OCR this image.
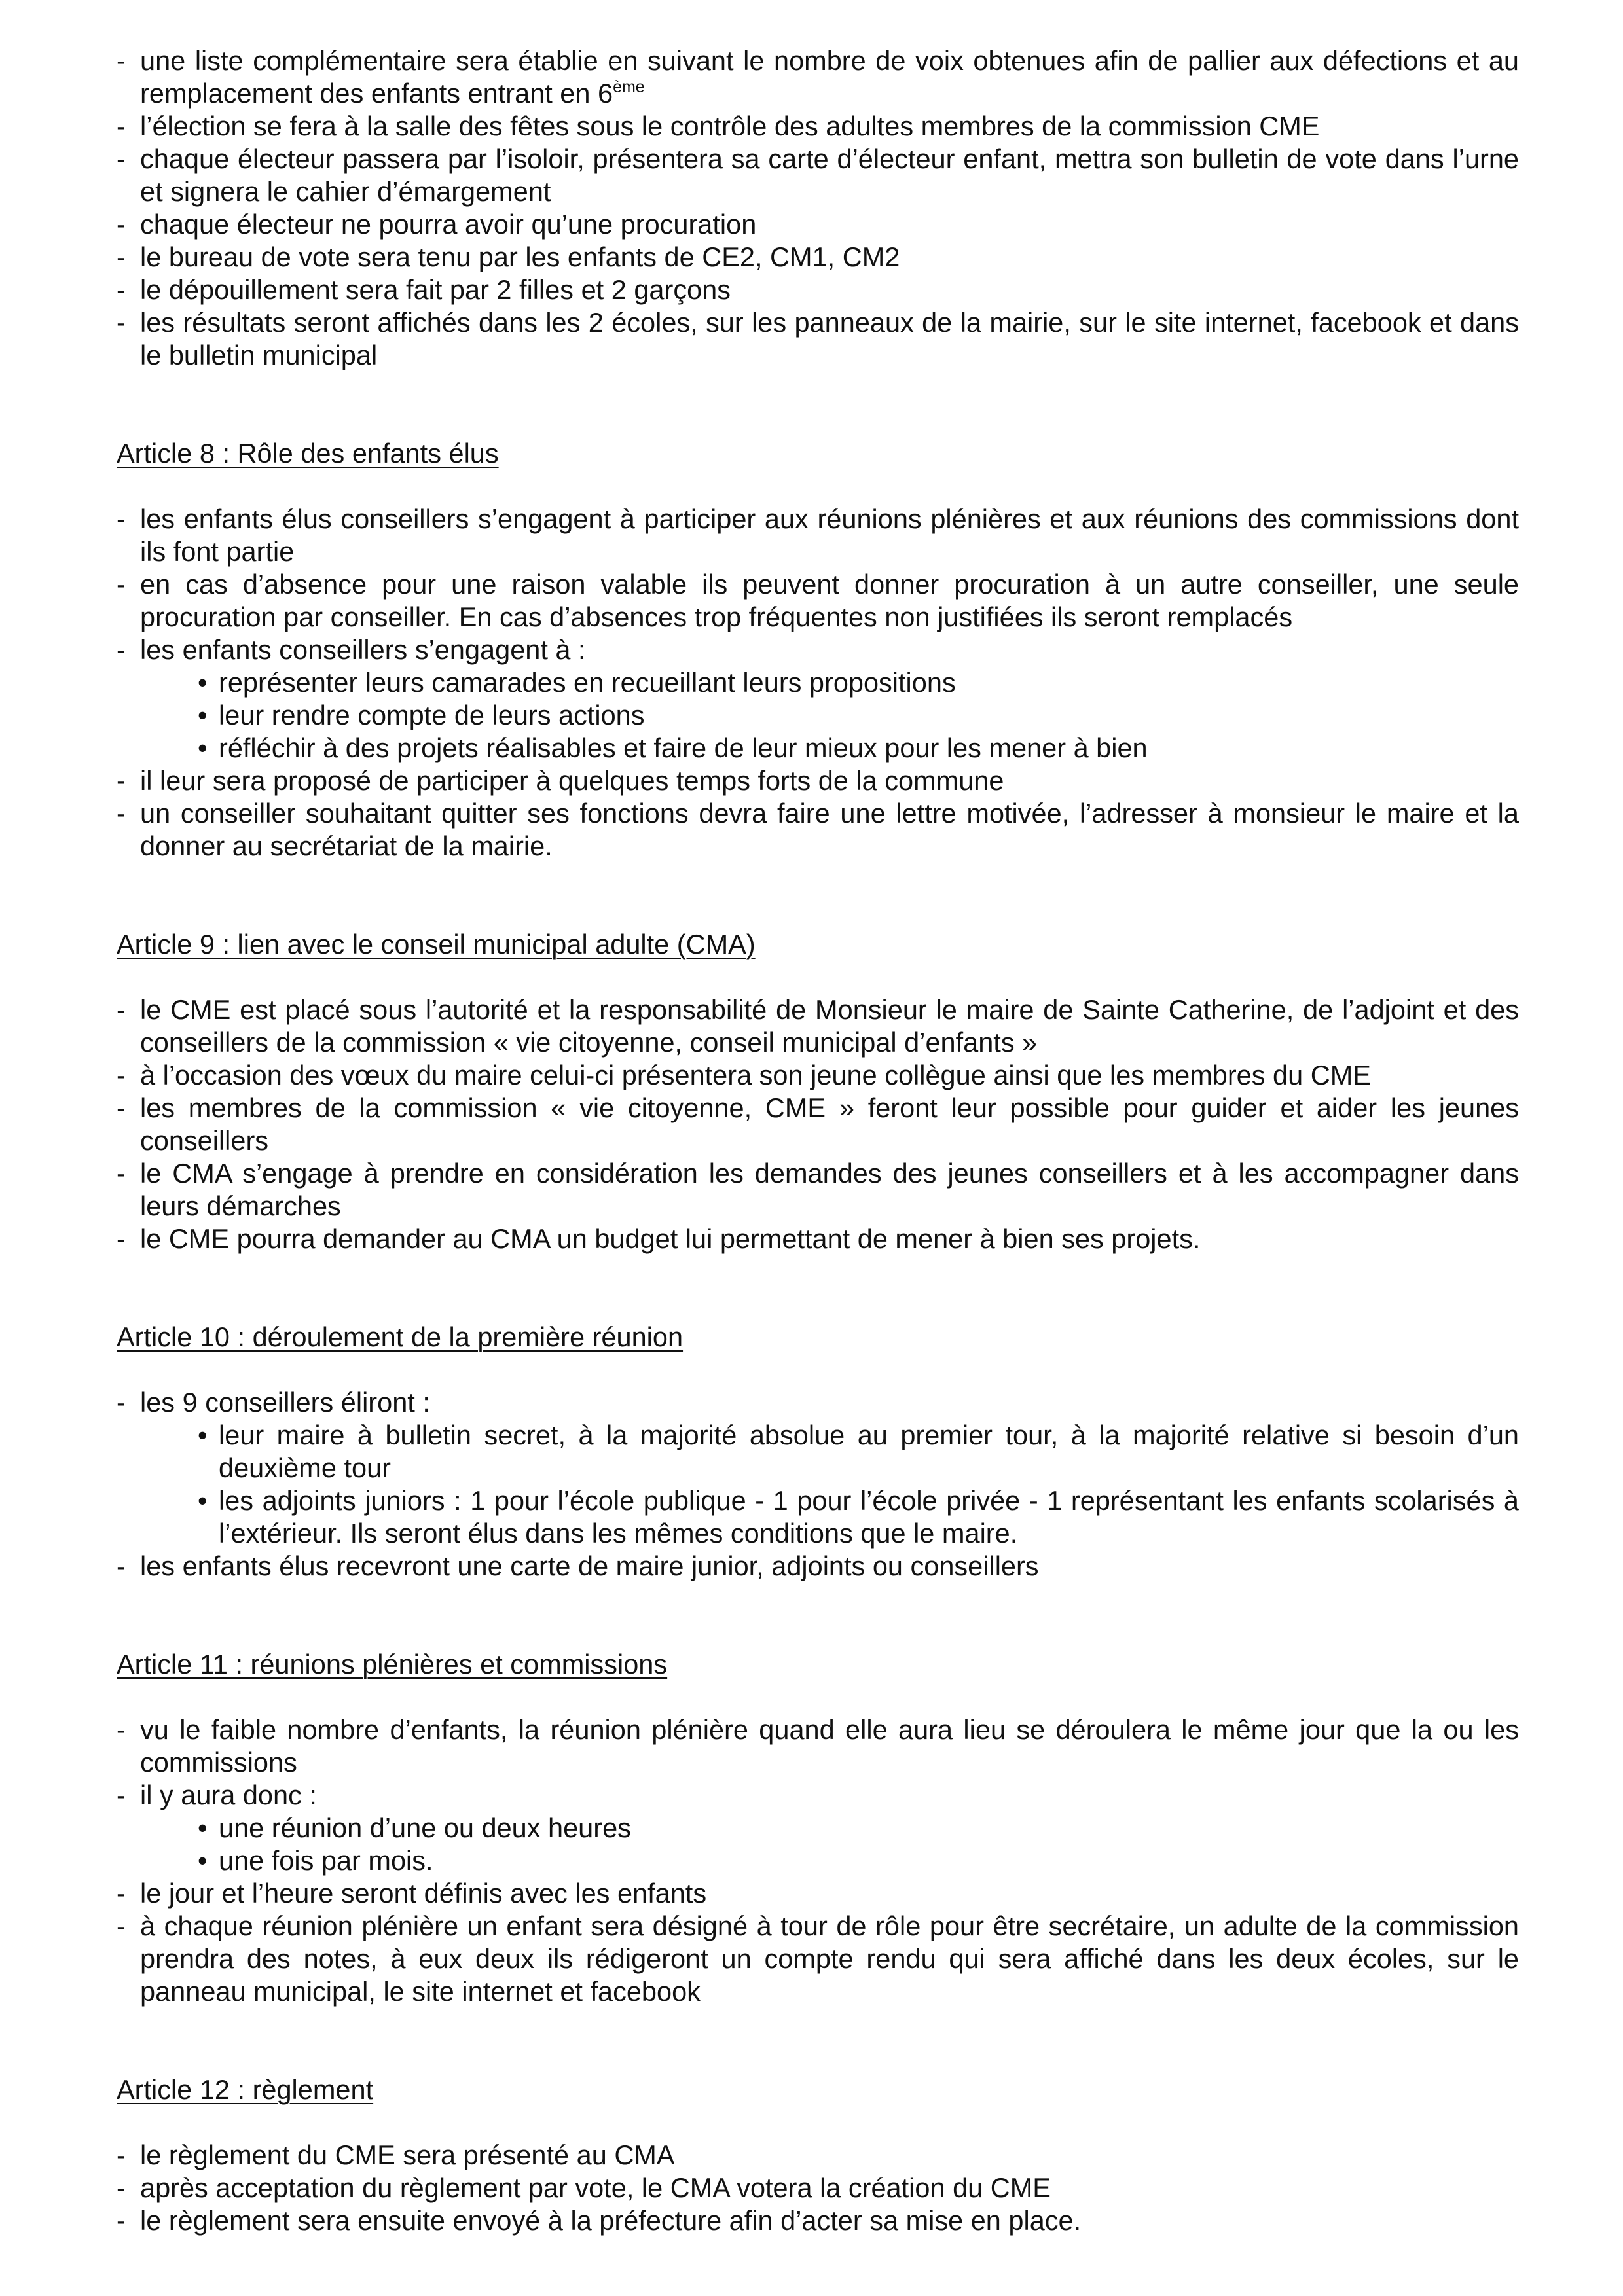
- une liste complémentaire sera établie en suivant le nombre de voix obtenues afin de pallier aux défections et au remplacement des enfants entrant en 6ème
- l’élection se fera à la salle des fêtes sous le contrôle des adultes membres de la commission CME
- chaque électeur passera par l’isoloir, présentera sa carte d’électeur enfant, mettra son bulletin de vote dans l’urne et signera le cahier d’émargement
- chaque électeur ne pourra avoir qu’une procuration
- le bureau de vote sera tenu par les enfants de CE2, CM1, CM2
- le dépouillement sera fait par 2 filles et 2 garçons
- les résultats seront affichés dans les 2 écoles, sur les panneaux de la mairie, sur le site internet, facebook et dans le bulletin municipal

Article 8 : Rôle des enfants élus

- les enfants élus conseillers s’engagent à participer aux réunions plénières et aux réunions des commissions dont ils font partie
- en cas d’absence pour une raison valable ils peuvent donner procuration à un autre conseiller, une seule procuration par conseiller. En cas d’absences trop fréquentes non justifiées ils seront remplacés
- les enfants conseillers s’engagent à :
• représenter leurs camarades en recueillant leurs propositions
• leur rendre compte de leurs actions
• réfléchir à des projets réalisables et faire de leur mieux pour les mener à bien
- il leur sera proposé de participer à quelques temps forts de la commune
- un conseiller souhaitant quitter ses fonctions devra faire une lettre motivée, l’adresser à monsieur le maire et la donner au secrétariat de la mairie.

Article 9 : lien avec le conseil municipal adulte (CMA)

- le CME est placé sous l’autorité et la responsabilité de Monsieur le maire de Sainte Catherine, de l’adjoint et des conseillers de la commission « vie citoyenne, conseil municipal d’enfants »
- à l’occasion des vœux du maire celui-ci présentera son jeune collègue ainsi que les membres du CME
- les membres de la commission « vie citoyenne, CME » feront leur possible pour guider et aider les jeunes conseillers
- le CMA s’engage à prendre en considération les demandes des jeunes conseillers et à les accompagner dans leurs démarches
- le CME pourra demander au CMA un budget lui permettant de mener à bien ses projets.

Article 10 : déroulement de la première réunion

- les 9 conseillers éliront :
• leur maire à bulletin secret, à la majorité absolue au premier tour, à la majorité relative si besoin d’un deuxième tour
• les adjoints juniors : 1 pour l’école publique - 1 pour l’école privée - 1 représentant les enfants scolarisés à l’extérieur. Ils seront élus dans les mêmes conditions que le maire.
- les enfants élus recevront une carte de maire junior, adjoints ou conseillers

Article 11 : réunions plénières et commissions

- vu le faible nombre d’enfants, la réunion plénière quand elle aura lieu se déroulera le même jour que la ou les commissions
- il y aura donc :
• une réunion d’une ou deux heures
• une fois par mois.
- le jour et l’heure seront définis avec les enfants
- à chaque réunion plénière un enfant sera désigné à tour de rôle pour être secrétaire, un adulte de la commission prendra des notes, à eux deux ils rédigeront un compte rendu qui sera affiché dans les deux écoles, sur le panneau municipal, le site internet et facebook

Article 12 : règlement

- le règlement du CME sera présenté au CMA
- après acceptation du règlement par vote, le CMA votera la création du CME
- le règlement sera ensuite envoyé à la préfecture afin d’acter sa mise en place.
